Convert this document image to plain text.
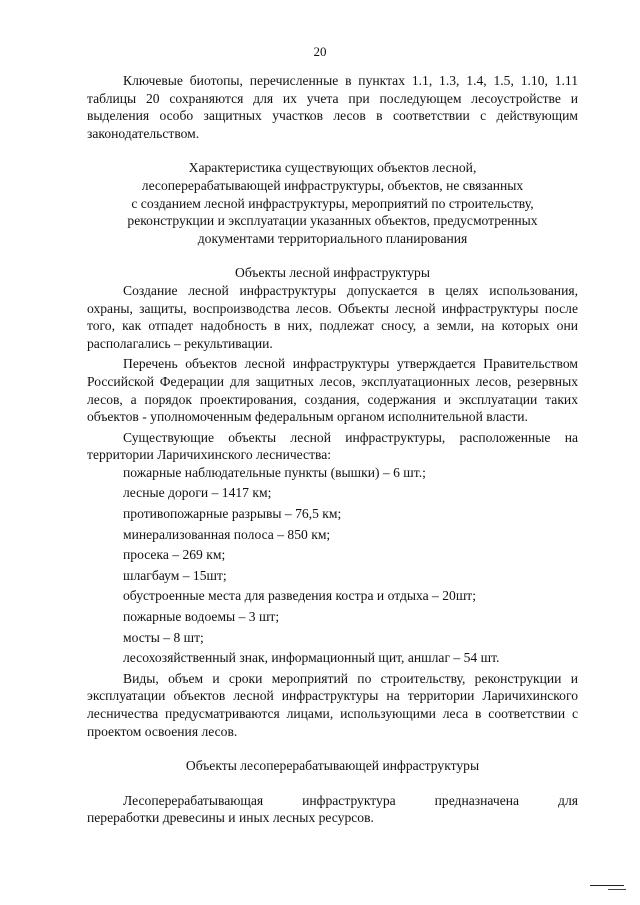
20

Ключевые биотопы, перечисленные в пунктах 1.1, 1.3, 1.4, 1.5, 1.10, 1.11 таблицы 20 сохраняются для их учета при последующем лесоустройстве и выделения особо защитных участков лесов в соответствии с действующим законодательством.

Характеристика существующих объектов лесной,

лесоперерабатывающей инфраструктуры, объектов, не связанных

с созданием лесной инфраструктуры, мероприятий по строительству,

реконструкции и эксплуатации указанных объектов, предусмотренных

документами территориального планирования

Объекты лесной инфраструктуры

Создание лесной инфраструктуры допускается в целях использования, охраны, защиты, воспроизводства лесов. Объекты лесной инфраструктуры после того, как отпадет надобность в них, подлежат сносу, а земли, на которых они располагались – рекультивации.

Перечень объектов лесной инфраструктуры утверждается Правительством Российской Федерации для защитных лесов, эксплуатационных лесов, резервных лесов, а порядок проектирования, создания, содержания и эксплуатации таких объектов - уполномоченным федеральным органом исполнительной власти.

Существующие объекты лесной инфраструктуры, расположенные на территории Ларичихинского лесничества:

пожарные наблюдательные пункты (вышки) – 6 шт.;
лесные дороги – 1417 км;
противопожарные разрывы – 76,5 км;
минерализованная полоса – 850 км;
просека – 269 км;
шлагбаум – 15шт;
обустроенные места для разведения костра и отдыха – 20шт;
пожарные водоемы – 3 шт;
мосты – 8 шт;
лесохозяйственный знак, информационный щит, аншлаг – 54 шт.

Виды, объем и сроки мероприятий по строительству, реконструкции и эксплуатации объектов лесной инфраструктуры на территории Ларичихинского лесничества предусматриваются лицами, использующими леса в соответствии с проектом освоения лесов.

Объекты лесоперерабатывающей инфраструктуры

Лесоперерабатывающая	инфраструктура	предназначена	для

переработки древесины и иных лесных ресурсов.
